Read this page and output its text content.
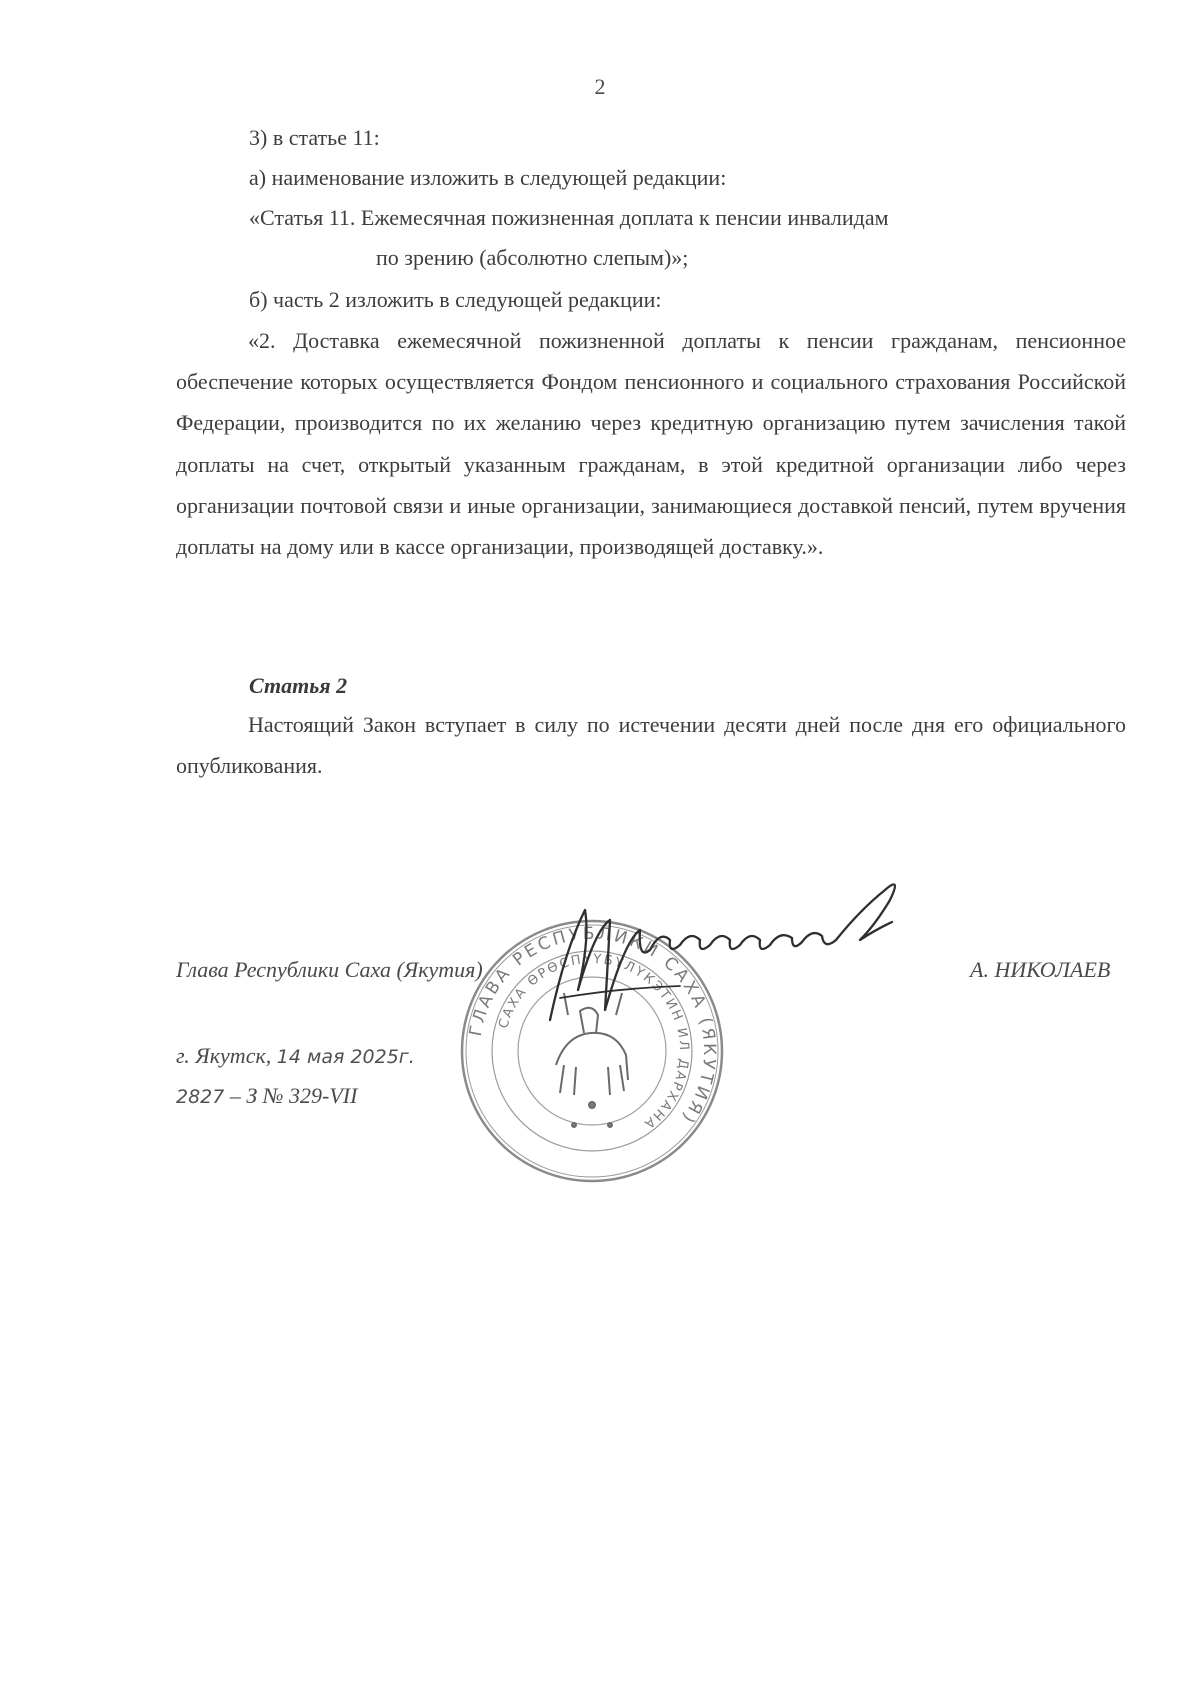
2
3) в статье 11:
а) наименование изложить в следующей редакции:
«Статья 11. Ежемесячная пожизненная доплата к пенсии инвалидам
по зрению (абсолютно слепым)»;
б) часть 2 изложить в следующей редакции:
«2. Доставка ежемесячной пожизненной доплаты к пенсии гражданам, пенсионное обеспечение которых осуществляется Фондом пенсионного и социального страхования Российской Федерации, производится по их желанию через кредитную организацию путем зачисления такой доплаты на счет, открытый указанным гражданам, в этой кредитной организации либо через организации почтовой связи и иные организации, занимающиеся доставкой пенсий, путем вручения доплаты на дому или в кассе организации, производящей доставку.».
Статья 2
Настоящий Закон вступает в силу по истечении десяти дней после дня его официального опубликования.
Глава Республики Саха (Якутия)	А. НИКОЛАЕВ
г. Якутск, 14 мая 2025г.
2827 – З № 329-VII
ГЛАВА РЕСПУБЛИКИ САХА (ЯКУТИЯ)
САХА ӨРӨСПҮҮБҮЛҮКЭТИН ИЛ ДАРХАНА
